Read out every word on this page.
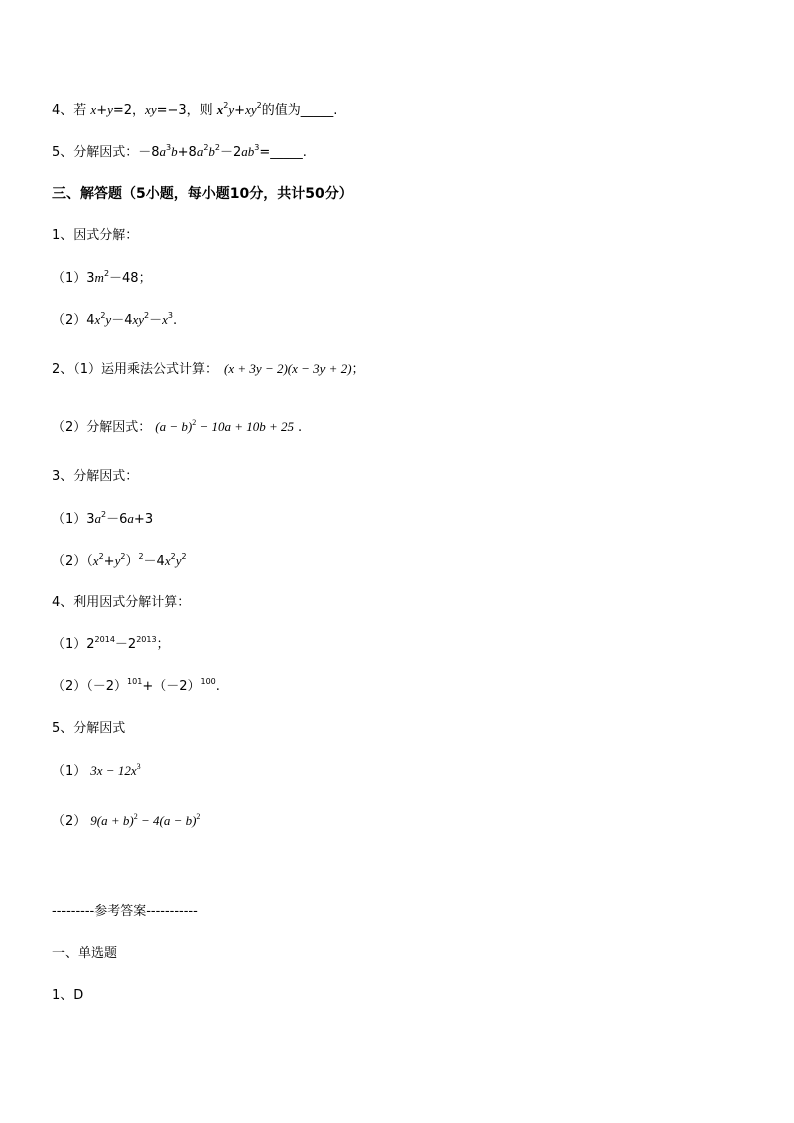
4、若 x+y=2，xy=−3，则 $x^2y+xy^2$的值为_____.
5、分解因式：$-8a^3b+8a^2b^2-2ab^3=\_\_\_\_\_$.
三、解答题（5小题，每小题10分，共计50分）
1、因式分解：
$(1)3m^2-48$；
$(2)4x^2y-4xy^2-x^3$.
2、（1）运用乘法公式计算： (x + 3y − 2)(x − 3y + 2)；
（2）分解因式： $(a - b)^2 - 10a + 10b + 25$ .
3、分解因式：
$(1)3a^2-6a+3$
$(2)(x^2+y^2)^2-4x^2y^2$
4、利用因式分解计算：
$(1)2^{2014}-2^{2013}$；
$(2)(-2)^{101}+(-2)^{100}$.
5、分解因式
（1） $3x - 12x^3$
（2） $9(a + b)^2 - 4(a - b)^2$
---------参考答案-----------
一、单选题
1、D
